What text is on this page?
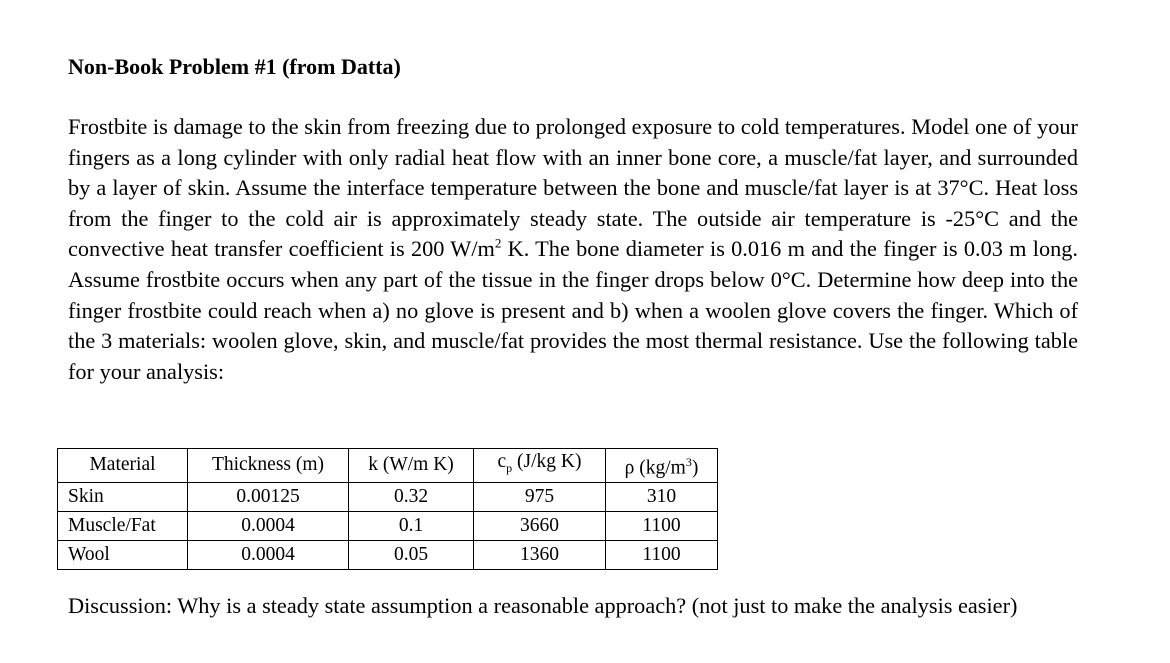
Non-Book Problem #1 (from Datta)

Frostbite is damage to the skin from freezing due to prolonged exposure to cold temperatures. Model one of your fingers as a long cylinder with only radial heat flow with an inner bone core, a muscle/fat layer, and surrounded by a layer of skin. Assume the interface temperature between the bone and muscle/fat layer is at 37°C. Heat loss from the finger to the cold air is approximately steady state. The outside air temperature is -25°C and the convective heat transfer coefficient is 200 $W/m^2$ K. The bone diameter is 0.016 m and the finger is 0.03 m long. Assume frostbite occurs when any part of the tissue in the finger drops below 0°C. Determine how deep into the finger frostbite could reach when a) no glove is present and b) when a woolen glove covers the finger. Which of the 3 materials: woolen glove, skin, and muscle/fat provides the most thermal resistance. Use the following table for your analysis:

Material	Thickness (m)	k (W/m K)	$c_p$ (J/kg K)	ρ $(kg/m^3)$
Skin	0.00125	0.32	975	310
Muscle/Fat	0.0004	0.1	3660	1100
Wool	0.0004	0.05	1360	1100

Discussion: Why is a steady state assumption a reasonable approach? (not just to make the analysis easier)
